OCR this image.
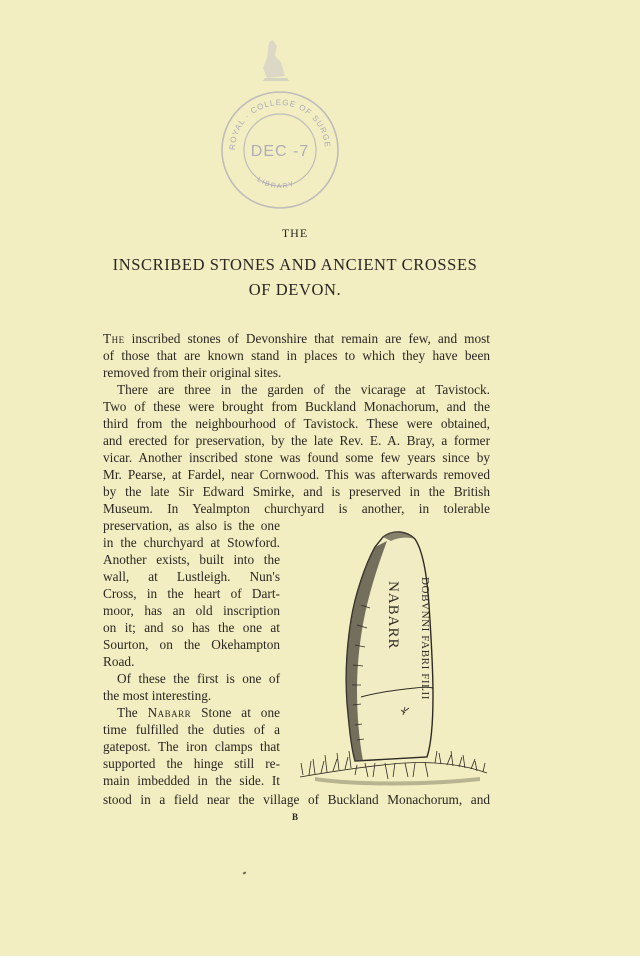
ROYAL · COLLEGE OF SURGE
DEC -7
LIBRARY
THE
INSCRIBED STONES AND ANCIENT CROSSES
OF DEVON.
The inscribed stones of Devonshire that remain are few, and most
of those that are known stand in places to which they have been
removed from their original sites.
There are three in the garden of the vicarage at Tavistock.
Two of these were brought from Buckland Monachorum, and the
third from the neighbourhood of Tavistock. These were obtained,
and erected for preservation, by the late Rev. E. A. Bray, a former
vicar. Another inscribed stone was found some few years since by
Mr. Pearse, at Fardel, near Cornwood. This was afterwards removed
by the late Sir Edward Smirke, and is preserved in the British
Museum. In Yealmpton churchyard is another, in tolerable
preservation, as also is the one
in the churchyard at Stowford.
Another exists, built into the
wall, at Lustleigh. Nun's
Cross, in the heart of Dart-
moor, has an old inscription
on it; and so has the one at
Sourton, on the Okehampton
Road.
Of these the first is one of
the most interesting.
The Nabarr Stone at one
time fulfilled the duties of a
gatepost. The iron clamps that
supported the hinge still re-
main imbedded in the side. It
stood in a field near the village of Buckland Monachorum, and
NABARR DOBVNNI FABRI FILII
B
